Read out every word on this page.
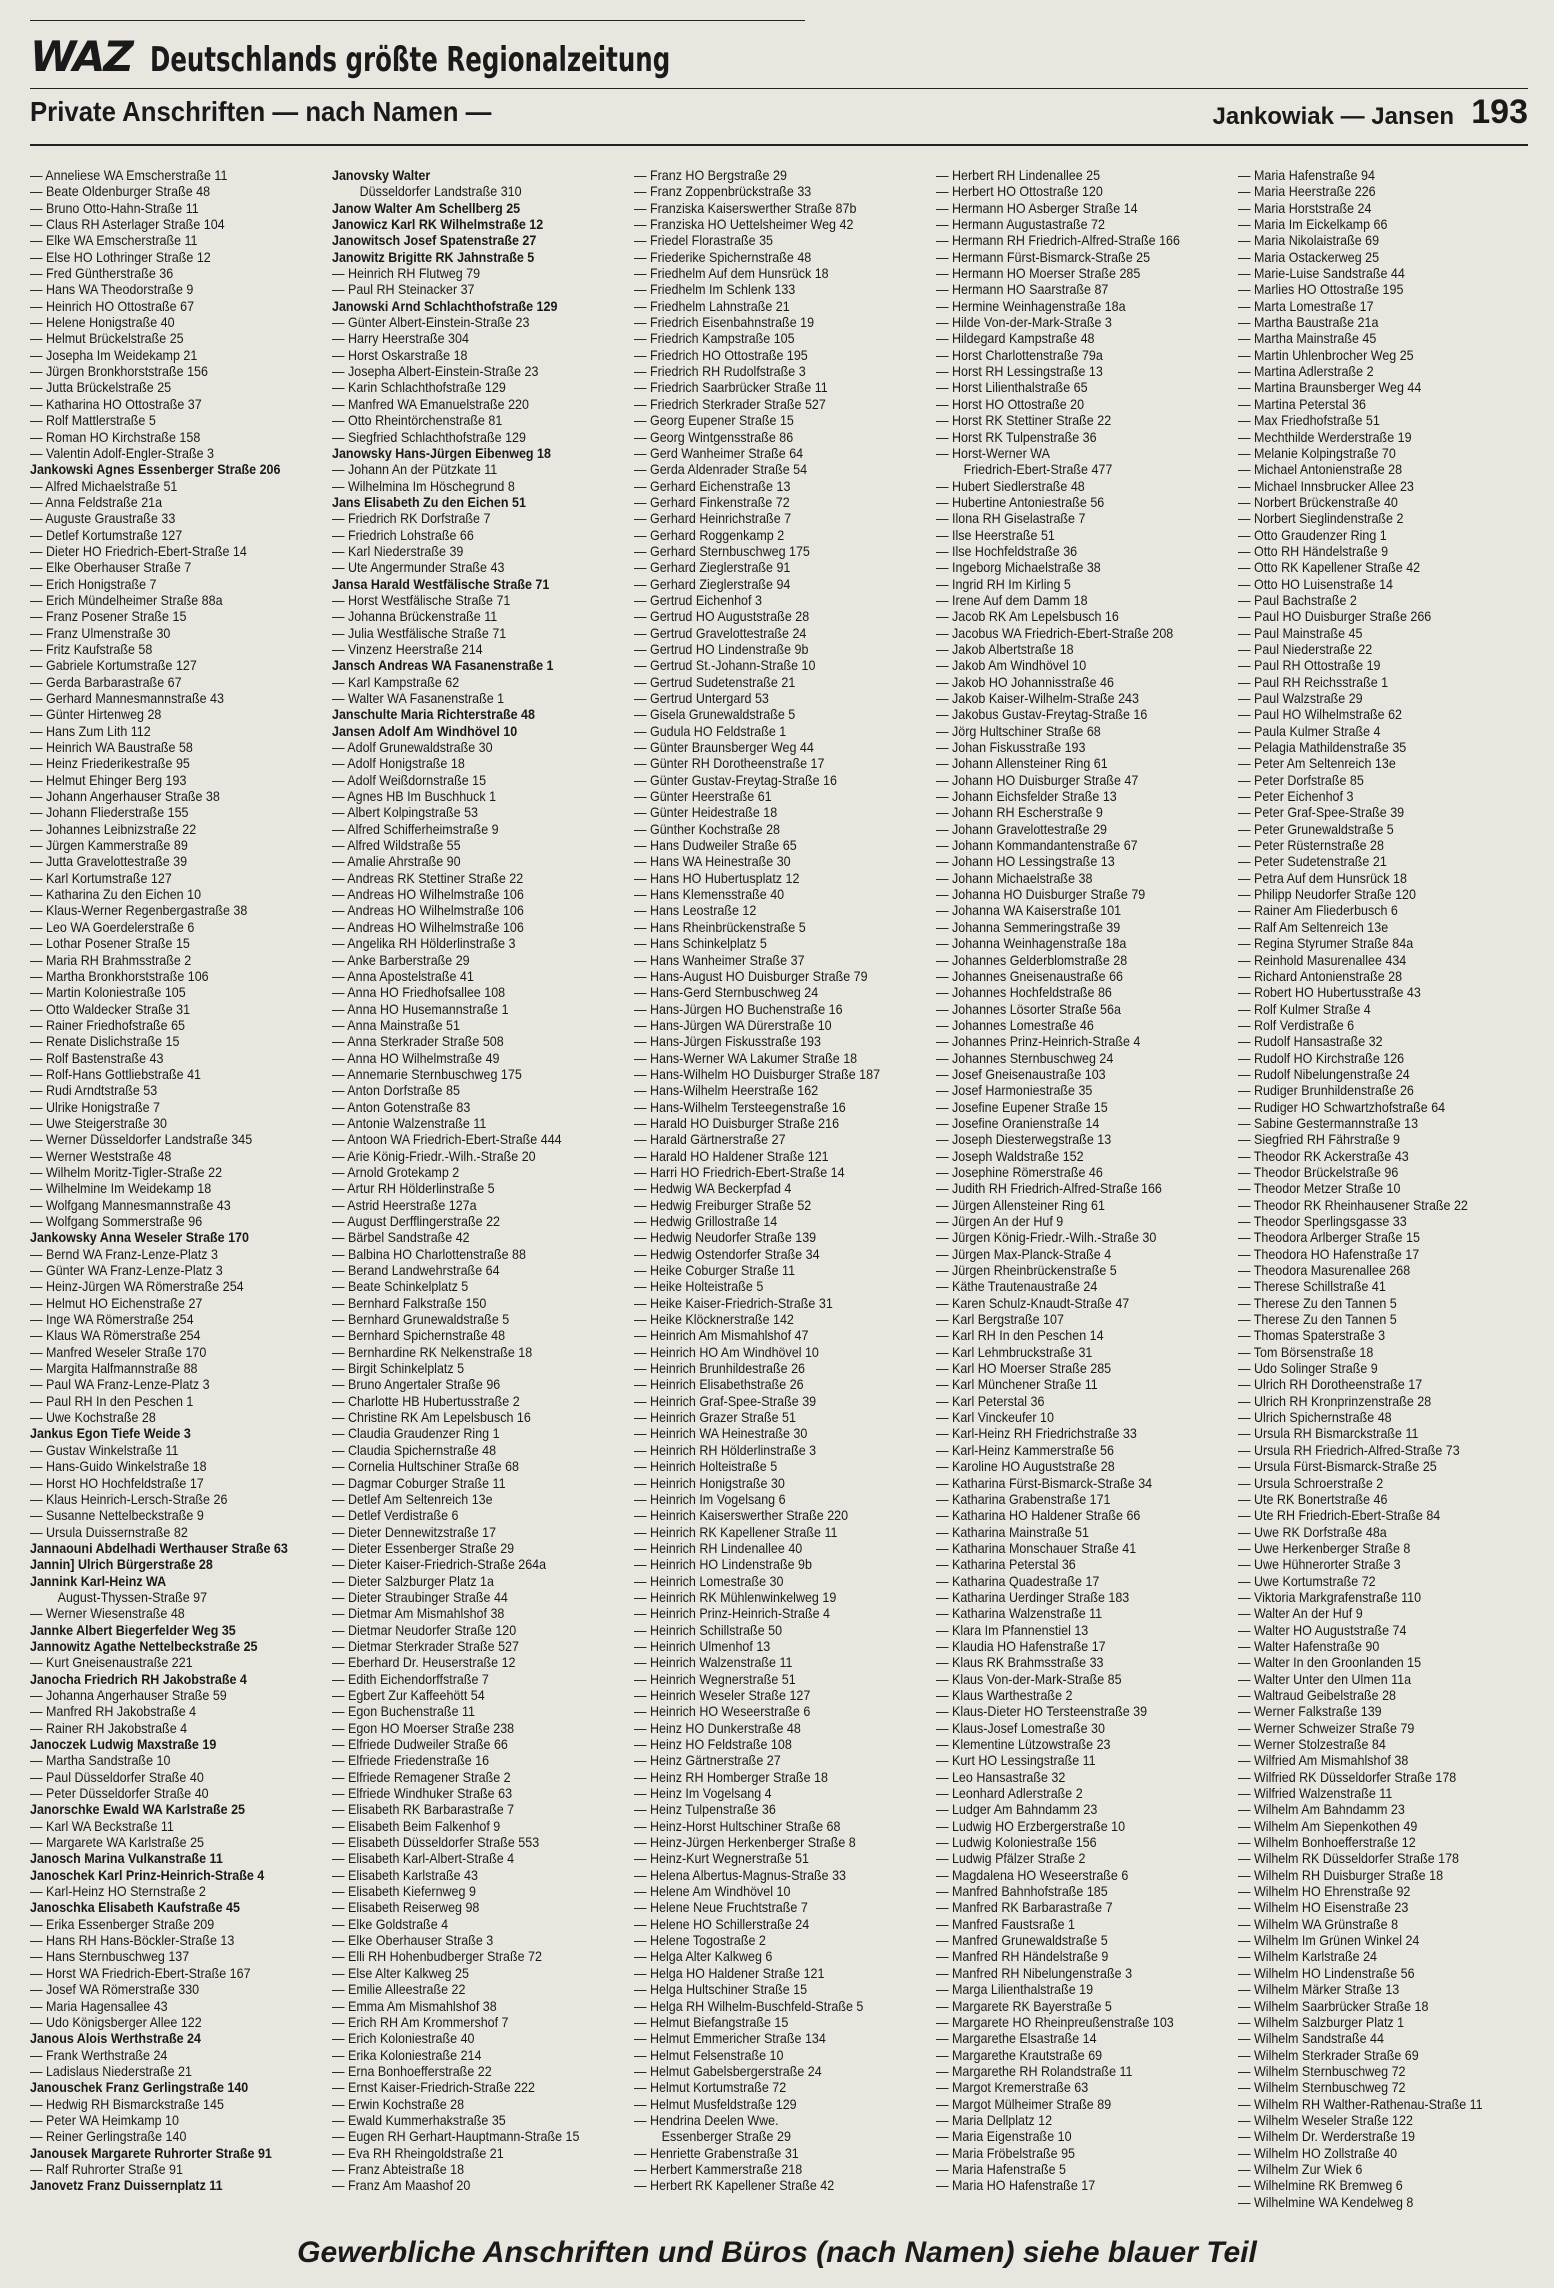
WAZ Deutschlands größte Regionalzeitung
Private Anschriften — nach Namen —	Jankowiak — Jansen 193
— Anneliese WA Emscherstraße 11
— Beate Oldenburger Straße 48
— Bruno Otto-Hahn-Straße 11
— Claus RH Asterlager Straße 104
— Elke WA Emscherstraße 11
— Else HO Lothringer Straße 12
— Fred Güntherstraße 36
— Hans WA Theodorstraße 9
— Heinrich HO Ottostraße 67
— Helene Honigstraße 40
— Helmut Brückelstraße 25
— Josepha Im Weidekamp 21
— Jürgen Bronkhorststraße 156
— Jutta Brückelstraße 25
— Katharina HO Ottostraße 37
— Rolf Mattlerstraße 5
— Roman HO Kirchstraße 158
— Valentin Adolf-Engler-Straße 3
Jankowski Agnes Essenberger Straße 206
— Alfred Michaelstraße 51
— Anna Feldstraße 21a
— Auguste Graustraße 33
— Detlef Kortumstraße 127
— Dieter HO Friedrich-Ebert-Straße 14
— Elke Oberhauser Straße 7
— Erich Honigstraße 7
— Erich Mündelheimer Straße 88a
— Franz Posener Straße 15
— Franz Ulmenstraße 30
— Fritz Kaufstraße 58
— Gabriele Kortumstraße 127
— Gerda Barbarastraße 67
— Gerhard Mannesmannstraße 43
— Günter Hirtenweg 28
— Hans Zum Lith 112
— Heinrich WA Baustraße 58
— Heinz Friederikestraße 95
— Helmut Ehinger Berg 193
— Johann Angerhauser Straße 38
— Johann Fliederstraße 155
— Johannes Leibnizstraße 22
— Jürgen Kammerstraße 89
— Jutta Gravelottestraße 39
— Karl Kortumstraße 127
— Katharina Zu den Eichen 10
— Klaus-Werner Regenbergastraße 38
— Leo WA Goerdelerstraße 6
— Lothar Posener Straße 15
— Maria RH Brahmsstraße 2
— Martha Bronkhorststraße 106
— Martin Koloniestraße 105
— Otto Waldecker Straße 31
— Rainer Friedhofstraße 65
— Renate Dislichstraße 15
— Rolf Bastenstraße 43
— Rolf-Hans Gottliebstraße 41
— Rudi Arndtstraße 53
— Ulrike Honigstraße 7
— Uwe Steigerstraße 30
— Werner Düsseldorfer Landstraße 345
— Werner Weststraße 48
— Wilhelm Moritz-Tigler-Straße 22
— Wilhelmine Im Weidekamp 18
— Wolfgang Mannesmannstraße 43
— Wolfgang Sommerstraße 96
Jankowsky Anna Weseler Straße 170
— Bernd WA Franz-Lenze-Platz 3
— Günter WA Franz-Lenze-Platz 3
— Heinz-Jürgen WA Römerstraße 254
— Helmut HO Eichenstraße 27
— Inge WA Römerstraße 254
— Klaus WA Römerstraße 254
— Manfred Weseler Straße 170
— Margita Halfmannstraße 88
— Paul WA Franz-Lenze-Platz 3
— Paul RH In den Peschen 1
— Uwe Kochstraße 28
Jankus Egon Tiefe Weide 3
— Gustav Winkelstraße 11
— Hans-Guido Winkelstraße 18
— Horst HO Hochfeldstraße 17
— Klaus Heinrich-Lersch-Straße 26
— Susanne Nettelbeckstraße 9
— Ursula Duissernstraße 82
Jannaouni Abdelhadi Werthauser Straße 63
Jannin] Ulrich Bürgerstraße 28
Jannink Karl-Heinz WA
August-Thyssen-Straße 97
— Werner Wiesenstraße 48
Jannke Albert Biegerfelder Weg 35
Jannowitz Agathe Nettelbeckstraße 25
— Kurt Gneisenaustraße 221
Janocha Friedrich RH Jakobstraße 4
— Johanna Angerhauser Straße 59
— Manfred RH Jakobstraße 4
— Rainer RH Jakobstraße 4
Janoczek Ludwig Maxstraße 19
— Martha Sandstraße 10
— Paul Düsseldorfer Straße 40
— Peter Düsseldorfer Straße 40
Janorschke Ewald WA Karlstraße 25
— Karl WA Beckstraße 11
— Margarete WA Karlstraße 25
Janosch Marina Vulkanstraße 11
Janoschek Karl Prinz-Heinrich-Straße 4
— Karl-Heinz HO Sternstraße 2
Janoschka Elisabeth Kaufstraße 45
— Erika Essenberger Straße 209
— Hans RH Hans-Böckler-Straße 13
— Hans Sternbuschweg 137
— Horst WA Friedrich-Ebert-Straße 167
— Josef WA Römerstraße 330
— Maria Hagensallee 43
— Udo Königsberger Allee 122
Janous Alois Werthstraße 24
— Frank Werthstraße 24
— Ladislaus Niederstraße 21
Janouschek Franz Gerlingstraße 140
— Hedwig RH Bismarckstraße 145
— Peter WA Heimkamp 10
— Reiner Gerlingstraße 140
Janousek Margarete Ruhrorter Straße 91
— Ralf Ruhrorter Straße 91
Janovetz Franz Duissernplatz 11
Janovsky Walter
Düsseldorfer Landstraße 310
Janow Walter Am Schellberg 25
Janowicz Karl RK Wilhelmstraße 12
Janowitsch Josef Spatenstraße 27
Janowitz Brigitte RK Jahnstraße 5
— Heinrich RH Flutweg 79
— Paul RH Steinacker 37
Janowski Arnd Schlachthofstraße 129
— Günter Albert-Einstein-Straße 23
— Harry Heerstraße 304
— Horst Oskarstraße 18
— Josepha Albert-Einstein-Straße 23
— Karin Schlachthofstraße 129
— Manfred WA Emanuelstraße 220
— Otto Rheintörchenstraße 81
— Siegfried Schlachthofstraße 129
Janowsky Hans-Jürgen Eibenweg 18
— Johann An der Pützkate 11
— Wilhelmina Im Höschegrund 8
Jans Elisabeth Zu den Eichen 51
— Friedrich RK Dorfstraße 7
— Friedrich Lohstraße 66
— Karl Niederstraße 39
— Ute Angermunder Straße 43
Jansa Harald Westfälische Straße 71
— Horst Westfälische Straße 71
— Johanna Brückenstraße 11
— Julia Westfälische Straße 71
— Vinzenz Heerstraße 214
Jansch Andreas WA Fasanenstraße 1
— Karl Kampstraße 62
— Walter WA Fasanenstraße 1
Janschulte Maria Richterstraße 48
Jansen Adolf Am Windhövel 10
— Adolf Grunewaldstraße 30
— Adolf Honigstraße 18
— Adolf Weißdornstraße 15
— Agnes HB Im Buschhuck 1
— Albert Kolpingstraße 53
— Alfred Schifferheimstraße 9
— Alfred Wildstraße 55
— Amalie Ahrstraße 90
— Andreas RK Stettiner Straße 22
— Andreas HO Wilhelmstraße 106
— Andreas HO Wilhelmstraße 106
— Andreas HO Wilhelmstraße 106
— Angelika RH Hölderlinstraße 3
— Anke Barberstraße 29
— Anna Apostelstraße 41
— Anna HO Friedhofsallee 108
— Anna HO Husemannstraße 1
— Anna Mainstraße 51
— Anna Sterkrader Straße 508
— Anna HO Wilhelmstraße 49
— Annemarie Sternbuschweg 175
— Anton Dorfstraße 85
— Anton Gotenstraße 83
— Antonie Walzenstraße 11
— Antoon WA Friedrich-Ebert-Straße 444
— Arie König-Friedr.-Wilh.-Straße 20
— Arnold Grotekamp 2
— Artur RH Hölderlinstraße 5
— Astrid Heerstraße 127a
— August Derfflingerstraße 22
— Bärbel Sandstraße 42
— Balbina HO Charlottenstraße 88
— Berand Landwehrstraße 64
— Beate Schinkelplatz 5
— Bernhard Falkstraße 150
— Bernhard Grunewaldstraße 5
— Bernhard Spichernstraße 48
— Bernhardine RK Nelkenstraße 18
— Birgit Schinkelplatz 5
— Bruno Angertaler Straße 96
— Charlotte HB Hubertusstraße 2
— Christine RK Am Lepelsbusch 16
— Claudia Graudenzer Ring 1
— Claudia Spichernstraße 48
— Cornelia Hultschiner Straße 68
— Dagmar Coburger Straße 11
— Detlef Am Seltenreich 13e
— Detlef Verdistraße 6
— Dieter Dennewitzstraße 17
— Dieter Essenberger Straße 29
— Dieter Kaiser-Friedrich-Straße 264a
— Dieter Salzburger Platz 1a
— Dieter Straubinger Straße 44
— Dietmar Am Mismahlshof 38
— Dietmar Neudorfer Straße 120
— Dietmar Sterkrader Straße 527
— Eberhard Dr. Heuserstraße 12
— Edith Eichendorffstraße 7
— Egbert Zur Kaffeehött 54
— Egon Buchenstraße 11
— Egon HO Moerser Straße 238
— Elfriede Dudweiler Straße 66
— Elfriede Friedenstraße 16
— Elfriede Remagener Straße 2
— Elfriede Windhuker Straße 63
— Elisabeth RK Barbarastraße 7
— Elisabeth Beim Falkenhof 9
— Elisabeth Düsseldorfer Straße 553
— Elisabeth Karl-Albert-Straße 4
— Elisabeth Karlstraße 43
— Elisabeth Kiefernweg 9
— Elisabeth Reiserweg 98
— Elke Goldstraße 4
— Elke Oberhauser Straße 3
— Elli RH Hohenbudberger Straße 72
— Else Alter Kalkweg 25
— Emilie Alleestraße 22
— Emma Am Mismahlshof 38
— Erich RH Am Krommershof 7
— Erich Koloniestraße 40
— Erika Koloniestraße 214
— Erna Bonhoefferstraße 22
— Ernst Kaiser-Friedrich-Straße 222
— Erwin Kochstraße 28
— Ewald Kummerhakstraße 35
— Eugen RH Gerhart-Hauptmann-Straße 15
— Eva RH Rheingoldstraße 21
— Franz Abteistraße 18
— Franz Am Maashof 20
— Franz HO Bergstraße 29
— Franz Zoppenbrückstraße 33
— Franziska Kaiserswerther Straße 87b
— Franziska HO Uettelsheimer Weg 42
— Friedel Florastraße 35
— Friederike Spichernstraße 48
— Friedhelm Auf dem Hunsrück 18
— Friedhelm Im Schlenk 133
— Friedhelm Lahnstraße 21
— Friedrich Eisenbahnstraße 19
— Friedrich Kampstraße 105
— Friedrich HO Ottostraße 195
— Friedrich RH Rudolfstraße 3
— Friedrich Saarbrücker Straße 11
— Friedrich Sterkrader Straße 527
— Georg Eupener Straße 15
— Georg Wintgensstraße 86
— Gerd Wanheimer Straße 64
— Gerda Aldenrader Straße 54
— Gerhard Eichenstraße 13
— Gerhard Finkenstraße 72
— Gerhard Heinrichstraße 7
— Gerhard Roggenkamp 2
— Gerhard Sternbuschweg 175
— Gerhard Zieglerstraße 91
— Gerhard Zieglerstraße 94
— Gertrud Eichenhof 3
— Gertrud HO Auguststraße 28
— Gertrud Gravelottestraße 24
— Gertrud HO Lindenstraße 9b
— Gertrud St.-Johann-Straße 10
— Gertrud Sudetenstraße 21
— Gertrud Untergard 53
— Gisela Grunewaldstraße 5
— Gudula HO Feldstraße 1
— Günter Braunsberger Weg 44
— Günter RH Dorotheenstraße 17
— Günter Gustav-Freytag-Straße 16
— Günter Heerstraße 61
— Günter Heidestraße 18
— Günther Kochstraße 28
— Hans Dudweiler Straße 65
— Hans WA Heinestraße 30
— Hans HO Hubertusplatz 12
— Hans Klemensstraße 40
— Hans Leostraße 12
— Hans Rheinbrückenstraße 5
— Hans Schinkelplatz 5
— Hans Wanheimer Straße 37
— Hans-August HO Duisburger Straße 79
— Hans-Gerd Sternbuschweg 24
— Hans-Jürgen HO Buchenstraße 16
— Hans-Jürgen WA Dürerstraße 10
— Hans-Jürgen Fiskusstraße 193
— Hans-Werner WA Lakumer Straße 18
— Hans-Wilhelm HO Duisburger Straße 187
— Hans-Wilhelm Heerstraße 162
— Hans-Wilhelm Tersteegenstraße 16
— Harald HO Duisburger Straße 216
— Harald Gärtnerstraße 27
— Harald HO Haldener Straße 121
— Harri HO Friedrich-Ebert-Straße 14
— Hedwig WA Beckerpfad 4
— Hedwig Freiburger Straße 52
— Hedwig Grillostraße 14
— Hedwig Neudorfer Straße 139
— Hedwig Ostendorfer Straße 34
— Heike Coburger Straße 11
— Heike Holteistraße 5
— Heike Kaiser-Friedrich-Straße 31
— Heike Klöcknerstraße 142
— Heinrich Am Mismahlshof 47
— Heinrich HO Am Windhövel 10
— Heinrich Brunhildestraße 26
— Heinrich Elisabethstraße 26
— Heinrich Graf-Spee-Straße 39
— Heinrich Grazer Straße 51
— Heinrich WA Heinestraße 30
— Heinrich RH Hölderlinstraße 3
— Heinrich Holteistraße 5
— Heinrich Honigstraße 30
— Heinrich Im Vogelsang 6
— Heinrich Kaiserswerther Straße 220
— Heinrich RK Kapellener Straße 11
— Heinrich RH Lindenallee 40
— Heinrich HO Lindenstraße 9b
— Heinrich Lomestraße 30
— Heinrich RK Mühlenwinkelweg 19
— Heinrich Prinz-Heinrich-Straße 4
— Heinrich Schillstraße 50
— Heinrich Ulmenhof 13
— Heinrich Walzenstraße 11
— Heinrich Wegnerstraße 51
— Heinrich Weseler Straße 127
— Heinrich HO Weseerstraße 6
— Heinz HO Dunkerstraße 48
— Heinz HO Feldstraße 108
— Heinz Gärtnerstraße 27
— Heinz RH Homberger Straße 18
— Heinz Im Vogelsang 4
— Heinz Tulpenstraße 36
— Heinz-Horst Hultschiner Straße 68
— Heinz-Jürgen Herkenberger Straße 8
— Heinz-Kurt Wegnerstraße 51
— Helena Albertus-Magnus-Straße 33
— Helene Am Windhövel 10
— Helene Neue Fruchtstraße 7
— Helene HO Schillerstraße 24
— Helene Togostraße 2
— Helga Alter Kalkweg 6
— Helga HO Haldener Straße 121
— Helga Hultschiner Straße 15
— Helga RH Wilhelm-Buschfeld-Straße 5
— Helmut Biefangstraße 15
— Helmut Emmericher Straße 134
— Helmut Felsenstraße 10
— Helmut Gabelsbergerstraße 24
— Helmut Kortumstraße 72
— Helmut Musfeldstraße 129
— Hendrina Deelen Wwe.
Essenberger Straße 29
— Henriette Grabenstraße 31
— Herbert Kammerstraße 218
— Herbert RK Kapellener Straße 42
— Herbert RH Lindenallee 25
— Herbert HO Ottostraße 120
— Hermann HO Asberger Straße 14
— Hermann Augustastraße 72
— Hermann RH Friedrich-Alfred-Straße 166
— Hermann Fürst-Bismarck-Straße 25
— Hermann HO Moerser Straße 285
— Hermann HO Saarstraße 87
— Hermine Weinhagenstraße 18a
— Hilde Von-der-Mark-Straße 3
— Hildegard Kampstraße 48
— Horst Charlottenstraße 79a
— Horst RH Lessingstraße 13
— Horst Lilienthalstraße 65
— Horst HO Ottostraße 20
— Horst RK Stettiner Straße 22
— Horst RK Tulpenstraße 36
— Horst-Werner WA
Friedrich-Ebert-Straße 477
— Hubert Siedlerstraße 48
— Hubertine Antoniestraße 56
— Ilona RH Giselastraße 7
— Ilse Heerstraße 51
— Ilse Hochfeldstraße 36
— Ingeborg Michaelstraße 38
— Ingrid RH Im Kirling 5
— Irene Auf dem Damm 18
— Jacob RK Am Lepelsbusch 16
— Jacobus WA Friedrich-Ebert-Straße 208
— Jakob Albertstraße 18
— Jakob Am Windhövel 10
— Jakob HO Johannisstraße 46
— Jakob Kaiser-Wilhelm-Straße 243
— Jakobus Gustav-Freytag-Straße 16
— Jörg Hultschiner Straße 68
— Johan Fiskusstraße 193
— Johann Allensteiner Ring 61
— Johann HO Duisburger Straße 47
— Johann Eichsfelder Straße 13
— Johann RH Escherstraße 9
— Johann Gravelottestraße 29
— Johann Kommandantenstraße 67
— Johann HO Lessingstraße 13
— Johann Michaelstraße 38
— Johanna HO Duisburger Straße 79
— Johanna WA Kaiserstraße 101
— Johanna Semmeringstraße 39
— Johanna Weinhagenstraße 18a
— Johannes Gelderblomstraße 28
— Johannes Gneisenaustraße 66
— Johannes Hochfeldstraße 86
— Johannes Lösorter Straße 56a
— Johannes Lomestraße 46
— Johannes Prinz-Heinrich-Straße 4
— Johannes Sternbuschweg 24
— Josef Gneisenaustraße 103
— Josef Harmoniestraße 35
— Josefine Eupener Straße 15
— Josefine Oranienstraße 14
— Joseph Diesterwegstraße 13
— Joseph Waldstraße 152
— Josephine Römerstraße 46
— Judith RH Friedrich-Alfred-Straße 166
— Jürgen Allensteiner Ring 61
— Jürgen An der Huf 9
— Jürgen König-Friedr.-Wilh.-Straße 30
— Jürgen Max-Planck-Straße 4
— Jürgen Rheinbrückenstraße 5
— Käthe Trautenaustraße 24
— Karen Schulz-Knaudt-Straße 47
— Karl Bergstraße 107
— Karl RH In den Peschen 14
— Karl Lehmbruckstraße 31
— Karl HO Moerser Straße 285
— Karl Münchener Straße 11
— Karl Peterstal 36
— Karl Vinckeufer 10
— Karl-Heinz RH Friedrichstraße 33
— Karl-Heinz Kammerstraße 56
— Karoline HO Auguststraße 28
— Katharina Fürst-Bismarck-Straße 34
— Katharina Grabenstraße 171
— Katharina HO Haldener Straße 66
— Katharina Mainstraße 51
— Katharina Monschauer Straße 41
— Katharina Peterstal 36
— Katharina Quadestraße 17
— Katharina Uerdinger Straße 183
— Katharina Walzenstraße 11
— Klara Im Pfannenstiel 13
— Klaudia HO Hafenstraße 17
— Klaus RK Brahmsstraße 33
— Klaus Von-der-Mark-Straße 85
— Klaus Warthestraße 2
— Klaus-Dieter HO Tersteenstraße 39
— Klaus-Josef Lomestraße 30
— Klementine Lützowstraße 23
— Kurt HO Lessingstraße 11
— Leo Hansastraße 32
— Leonhard Adlerstraße 2
— Ludger Am Bahndamm 23
— Ludwig HO Erzbergerstraße 10
— Ludwig Koloniestraße 156
— Ludwig Pfälzer Straße 2
— Magdalena HO Weseerstraße 6
— Manfred Bahnhofstraße 185
— Manfred RK Barbarastraße 7
— Manfred Faustsraße 1
— Manfred Grunewaldstraße 5
— Manfred RH Händelstraße 9
— Manfred RH Nibelungenstraße 3
— Marga Lilienthalstraße 19
— Margarete RK Bayerstraße 5
— Margarete HO Rheinpreußenstraße 103
— Margarethe Elsastraße 14
— Margarethe Krautstraße 69
— Margarethe RH Rolandstraße 11
— Margot Kremerstraße 63
— Margot Mülheimer Straße 89
— Maria Dellplatz 12
— Maria Eigenstraße 10
— Maria Fröbelstraße 95
— Maria Hafenstraße 5
— Maria HO Hafenstraße 17
— Maria Hafenstraße 94
— Maria Heerstraße 226
— Maria Horststraße 24
— Maria Im Eickelkamp 66
— Maria Nikolaistraße 69
— Maria Ostackerweg 25
— Marie-Luise Sandstraße 44
— Marlies HO Ottostraße 195
— Marta Lomestraße 17
— Martha Baustraße 21a
— Martha Mainstraße 45
— Martin Uhlenbrocher Weg 25
— Martina Adlerstraße 2
— Martina Braunsberger Weg 44
— Martina Peterstal 36
— Max Friedhofstraße 51
— Mechthilde Werderstraße 19
— Melanie Kolpingstraße 70
— Michael Antonienstraße 28
— Michael Innsbrucker Allee 23
— Norbert Brückenstraße 40
— Norbert Sieglindenstraße 2
— Otto Graudenzer Ring 1
— Otto RH Händelstraße 9
— Otto RK Kapellener Straße 42
— Otto HO Luisenstraße 14
— Paul Bachstraße 2
— Paul HO Duisburger Straße 266
— Paul Mainstraße 45
— Paul Niederstraße 22
— Paul RH Ottostraße 19
— Paul RH Reichsstraße 1
— Paul Walzstraße 29
— Paul HO Wilhelmstraße 62
— Paula Kulmer Straße 4
— Pelagia Mathildenstraße 35
— Peter Am Seltenreich 13e
— Peter Dorfstraße 85
— Peter Eichenhof 3
— Peter Graf-Spee-Straße 39
— Peter Grunewaldstraße 5
— Peter Rüsternstraße 28
— Peter Sudetenstraße 21
— Petra Auf dem Hunsrück 18
— Philipp Neudorfer Straße 120
— Rainer Am Fliederbusch 6
— Ralf Am Seltenreich 13e
— Regina Styrumer Straße 84a
— Reinhold Masurenallee 434
— Richard Antonienstraße 28
— Robert HO Hubertusstraße 43
— Rolf Kulmer Straße 4
— Rolf Verdistraße 6
— Rudolf Hansastraße 32
— Rudolf HO Kirchstraße 126
— Rudolf Nibelungenstraße 24
— Rudiger Brunhildenstraße 26
— Rudiger HO Schwartzhofstraße 64
— Sabine Gestermannstraße 13
— Siegfried RH Fährstraße 9
— Theodor RK Ackerstraße 43
— Theodor Brückelstraße 96
— Theodor Metzer Straße 10
— Theodor RK Rheinhausener Straße 22
— Theodor Sperlingsgasse 33
— Theodora Arlberger Straße 15
— Theodora HO Hafenstraße 17
— Theodora Masurenallee 268
— Therese Schillstraße 41
— Therese Zu den Tannen 5
— Therese Zu den Tannen 5
— Thomas Spaterstraße 3
— Tom Börsenstraße 18
— Udo Solinger Straße 9
— Ulrich RH Dorotheenstraße 17
— Ulrich RH Kronprinzenstraße 28
— Ulrich Spichernstraße 48
— Ursula RH Bismarckstraße 11
— Ursula RH Friedrich-Alfred-Straße 73
— Ursula Fürst-Bismarck-Straße 25
— Ursula Schroerstraße 2
— Ute RK Bonertstraße 46
— Ute RH Friedrich-Ebert-Straße 84
— Uwe RK Dorfstraße 48a
— Uwe Herkenberger Straße 8
— Uwe Hühnerorter Straße 3
— Uwe Kortumstraße 72
— Viktoria Markgrafenstraße 110
— Walter An der Huf 9
— Walter HO Auguststraße 74
— Walter Hafenstraße 90
— Walter In den Groonlanden 15
— Walter Unter den Ulmen 11a
— Waltraud Geibelstraße 28
— Werner Falkstraße 139
— Werner Schweizer Straße 79
— Werner Stolzestraße 84
— Wilfried Am Mismahlshof 38
— Wilfried RK Düsseldorfer Straße 178
— Wilfried Walzenstraße 11
— Wilhelm Am Bahndamm 23
— Wilhelm Am Siepenkothen 49
— Wilhelm Bonhoefferstraße 12
— Wilhelm RK Düsseldorfer Straße 178
— Wilhelm RH Duisburger Straße 18
— Wilhelm HO Ehrenstraße 92
— Wilhelm HO Eisenstraße 23
— Wilhelm WA Grünstraße 8
— Wilhelm Im Grünen Winkel 24
— Wilhelm Karlstraße 24
— Wilhelm HO Lindenstraße 56
— Wilhelm Märker Straße 13
— Wilhelm Saarbrücker Straße 18
— Wilhelm Salzburger Platz 1
— Wilhelm Sandstraße 44
— Wilhelm Sterkrader Straße 69
— Wilhelm Sternbuschweg 72
— Wilhelm Sternbuschweg 72
— Wilhelm RH Walther-Rathenau-Straße 11
— Wilhelm Weseler Straße 122
— Wilhelm Dr. Werderstraße 19
— Wilhelm HO Zollstraße 40
— Wilhelm Zur Wiek 6
— Wilhelmine RK Bremweg 6
— Wilhelmine WA Kendelweg 8
Gewerbliche Anschriften und Büros (nach Namen) siehe blauer Teil
